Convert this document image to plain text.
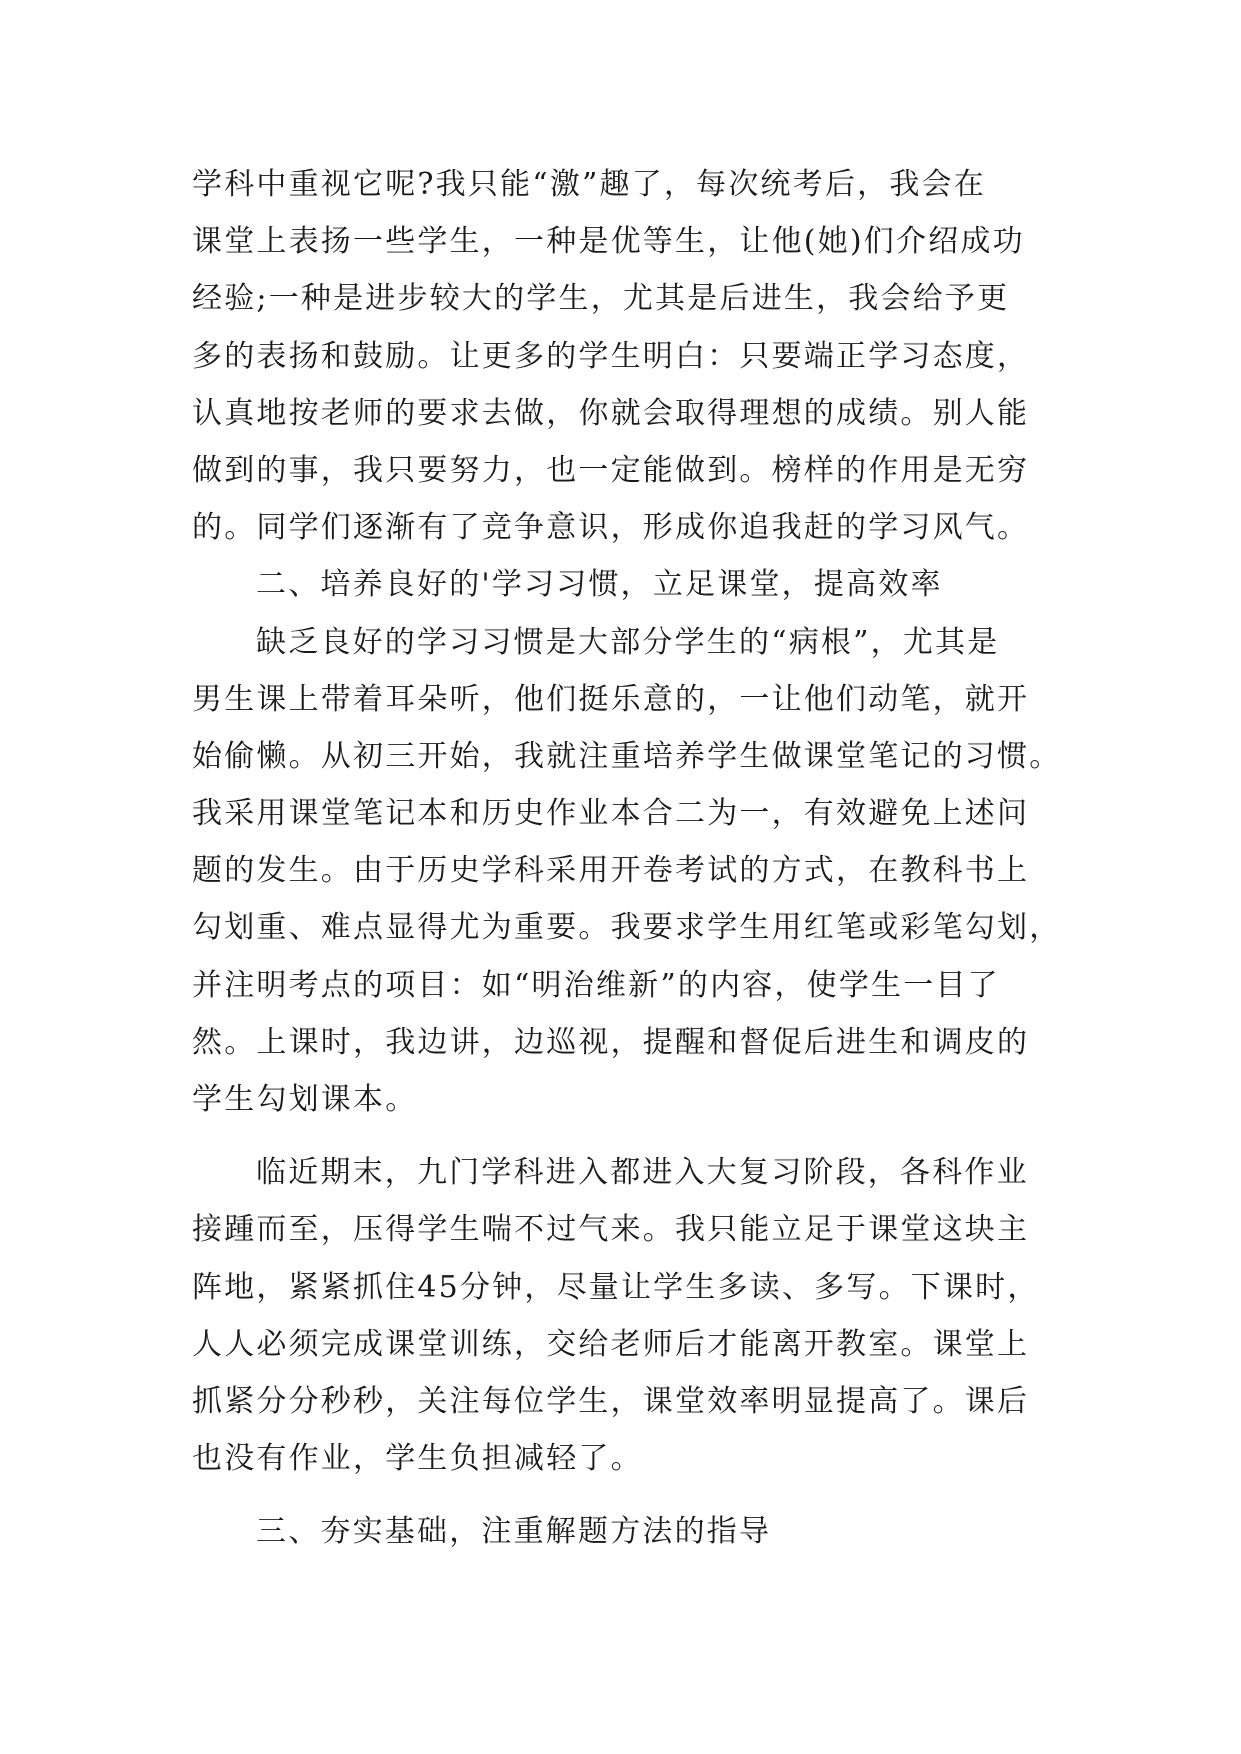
学科中重视它呢?我只能“激”趣了，每次统考后，我会在
课堂上表扬一些学生，一种是优等生，让他(她)们介绍成功
经验;一种是进步较大的学生，尤其是后进生，我会给予更
多的表扬和鼓励。让更多的学生明白：只要端正学习态度，
认真地按老师的要求去做，你就会取得理想的成绩。别人能
做到的事，我只要努力，也一定能做到。榜样的作用是无穷
的。同学们逐渐有了竞争意识，形成你追我赶的学习风气。
二、培养良好的'学习习惯，立足课堂，提高效率
缺乏良好的学习习惯是大部分学生的“病根”，尤其是
男生课上带着耳朵听，他们挺乐意的，一让他们动笔，就开
始偷懒。从初三开始，我就注重培养学生做课堂笔记的习惯。
我采用课堂笔记本和历史作业本合二为一，有效避免上述问
题的发生。由于历史学科采用开卷考试的方式，在教科书上
勾划重、难点显得尤为重要。我要求学生用红笔或彩笔勾划，
并注明考点的项目：如“明治维新”的内容，使学生一目了
然。上课时，我边讲，边巡视，提醒和督促后进生和调皮的
学生勾划课本。
临近期末，九门学科进入都进入大复习阶段，各科作业
接踵而至，压得学生喘不过气来。我只能立足于课堂这块主
阵地，紧紧抓住45分钟，尽量让学生多读、多写。下课时，
人人必须完成课堂训练，交给老师后才能离开教室。课堂上
抓紧分分秒秒，关注每位学生，课堂效率明显提高了。课后
也没有作业，学生负担减轻了。
三、夯实基础，注重解题方法的指导
